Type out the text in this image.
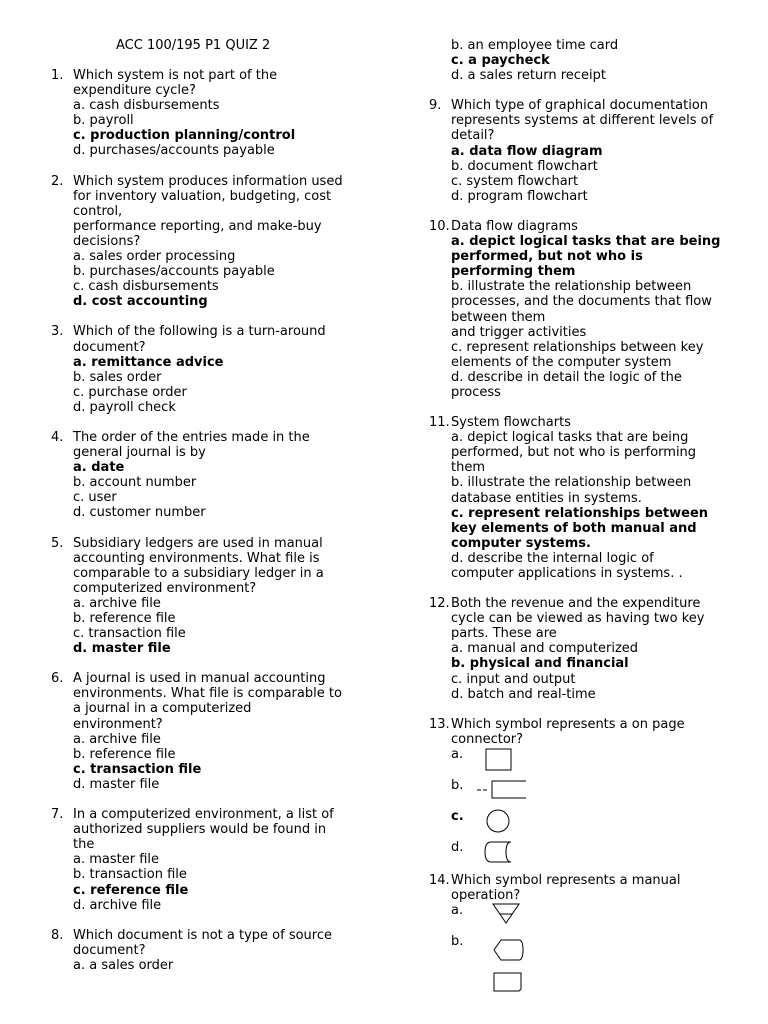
ACC 100/195 P1 QUIZ 2
1. Which system is not part of the
expenditure cycle?
a. cash disbursements
b. payroll
c. production planning/control
d. purchases/accounts payable
2. Which system produces information used
for inventory valuation, budgeting, cost
control,
performance reporting, and make-buy
decisions?
a. sales order processing
b. purchases/accounts payable
c. cash disbursements
d. cost accounting
3. Which of the following is a turn-around
document?
a. remittance advice
b. sales order
c. purchase order
d. payroll check
4. The order of the entries made in the
general journal is by
a. date
b. account number
c. user
d. customer number
5. Subsidiary ledgers are used in manual
accounting environments. What file is
comparable to a subsidiary ledger in a
computerized environment?
a. archive file
b. reference file
c. transaction file
d. master file
6. A journal is used in manual accounting
environments. What file is comparable to
a journal in a computerized
environment?
a. archive file
b. reference file
c. transaction file
d. master file
7. In a computerized environment, a list of
authorized suppliers would be found in
the
a. master file
b. transaction file
c. reference file
d. archive file
8. Which document is not a type of source
document?
a. a sales order
b. an employee time card
c. a paycheck
d. a sales return receipt
9. Which type of graphical documentation
represents systems at different levels of
detail?
a. data flow diagram
b. document flowchart
c. system flowchart
d. program flowchart
10. Data flow diagrams
a. depict logical tasks that are being
performed, but not who is
performing them
b. illustrate the relationship between
processes, and the documents that flow
between them
and trigger activities
c. represent relationships between key
elements of the computer system
d. describe in detail the logic of the
process
11. System flowcharts
a. depict logical tasks that are being
performed, but not who is performing
them
b. illustrate the relationship between
database entities in systems.
c. represent relationships between
key elements of both manual and
computer systems.
d. describe the internal logic of
computer applications in systems. .
12. Both the revenue and the expenditure
cycle can be viewed as having two key
parts. These are
a. manual and computerized
b. physical and financial
c. input and output
d. batch and real-time
13. Which symbol represents a on page
connector?
a.
b.
c.
d.
14. Which symbol represents a manual
operation?
a.
b.
